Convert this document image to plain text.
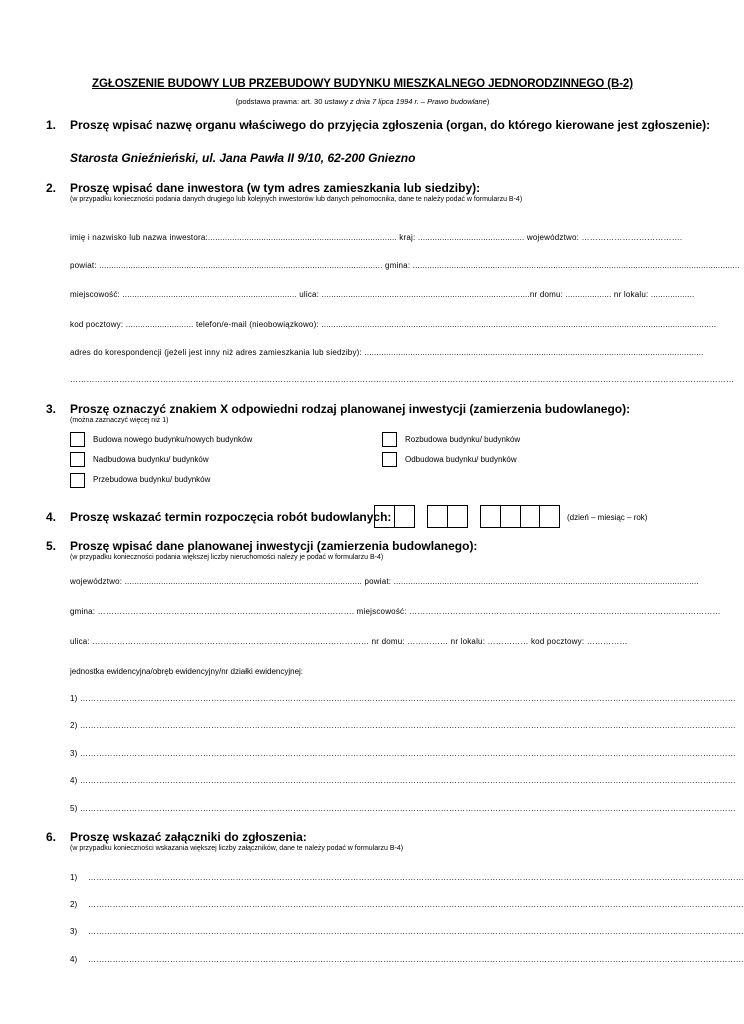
ZGŁOSZENIE BUDOWY LUB PRZEBUDOWY BUDYNKU MIESZKALNEGO JEDNORODZINNEGO (B-2)
(podstawa prawna: art. 30 ustawy z dnia 7 lipca 1994 r. – Prawo budowlane)
1. Proszę wpisać nazwę organu właściwego do przyjęcia zgłoszenia (organ, do którego kierowane jest zgłoszenie):
Starosta Gnieźnieński, ul. Jana Pawła II 9/10, 62-200 Gniezno
2. Proszę wpisać dane inwestora (w tym adres zamieszkania lub siedziby):
(w przypadku konieczności podania danych drugiego lub kolejnych inwestorów lub danych pełnomocnika, dane te należy podać w formularzu B-4)
imię i nazwisko lub nazwa inwestora:.............................................................................. kraj: ............................................ województwo: ……………………………….
powiat: ..................................................................................................................... gmina: .......................................................................................................................................
miejscowość: ........................................................................ ulica: ......................................................................................nr domu: ................... nr lokalu: ..................
kod pocztowy: ............................ telefon/e-mail (nieobowiązkowo): ...................................................................................................................................................................
adres do korespondencji (jeżeli jest inny niż adres zamieszkania lub siedziby): ............................................................................................................................................
………………………………………………………………………………………………………………………………………………………………………………………………………………………
3. Proszę oznaczyć znakiem X odpowiedni rodzaj planowanej inwestycji (zamierzenia budowlanego):
(można zaznaczyć więcej niż 1)
Budowa nowego budynku/nowych budynków
Nadbudowa budynku/ budynków
Przebudowa budynku/ budynków
Rozbudowa budynku/ budynków
Odbudowa budynku/ budynków
4. Proszę wskazać termin rozpoczęcia robót budowlanych:	(dzień – miesiąc – rok)
5. Proszę wpisać dane planowanej inwestycji (zamierzenia budowlanego):
(w przypadku konieczności podania większej liczby nieruchomości należy je podać w formularzu B-4)
województwo: .................................................................................................. powiat: ..............................................................................................................................
gmina: …………………………………………………………………………………. miejscowość: ……………………………………………………………………………………………………
ulica: ……………………………………………………………………......……………… nr domu: …………… nr lokalu: …………… kod pocztowy: ……………
jednostka ewidencyjna/obręb ewidencyjny/nr działki ewidencyjnej:
1) ……………………………………………………………………………………………………………………………………………………………………………………………………………………
2) ……………………………………………………………………………………………………………………………………………………………………………………………………………………
3) ……………………………………………………………………………………………………………………………………………………………………………………………………………………
4) ……………………………………………………………………………………………………………………………………………………………………………………………………………………
5) ……………………………………………………………………………………………………………………………………………………………………………………………………………………
6. Proszę wskazać załączniki do zgłoszenia:
(w przypadku konieczności wskazania większej liczby załączników, dane te należy podać w formularzu B-4)
1) ……………………………………………………………………………………………………………………………………………………………………………………………………………………
2) ……………………………………………………………………………………………………………………………………………………………………………………………………………………
3) ……………………………………………………………………………………………………………………………………………………………………………………………………………………
4) ……………………………………………………………………………………………………………………………………………………………………………………………………………………
